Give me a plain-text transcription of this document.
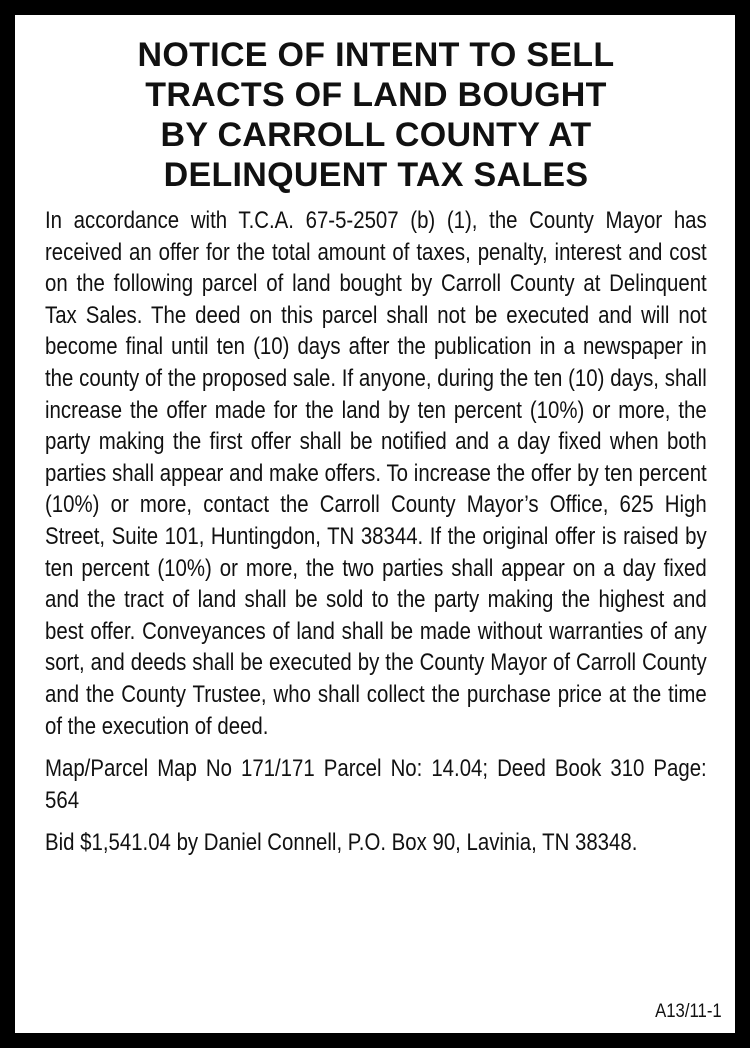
NOTICE OF INTENT TO SELL
TRACTS OF LAND BOUGHT
BY CARROLL COUNTY AT
DELINQUENT TAX SALES

In accordance with T.C.A. 67-5-2507 (b) (1), the County Mayor has received an offer for the total amount of taxes, penalty, interest and cost on the following parcel of land bought by Carroll County at Delinquent Tax Sales. The deed on this parcel shall not be executed and will not become final until ten (10) days after the publication in a newspaper in the county of the proposed sale. If anyone, during the ten (10) days, shall increase the offer made for the land by ten percent (10%) or more, the party making the first offer shall be notified and a day fixed when both parties shall appear and make offers. To increase the offer by ten percent (10%) or more, contact the Carroll County Mayor’s Office, 625 High Street, Suite 101, Huntingdon, TN 38344. If the original offer is raised by ten percent (10%) or more, the two parties shall appear on a day fixed and the tract of land shall be sold to the party making the highest and best offer. Conveyances of land shall be made without warranties of any sort, and deeds shall be executed by the County Mayor of Carroll County and the County Trustee, who shall collect the purchase price at the time of the execution of deed.

Map/Parcel Map No 171/171 Parcel No: 14.04; Deed Book 310 Page: 564

Bid $1,541.04 by Daniel Connell, P.O. Box 90, Lavinia, TN 38348.

A13/11-1
